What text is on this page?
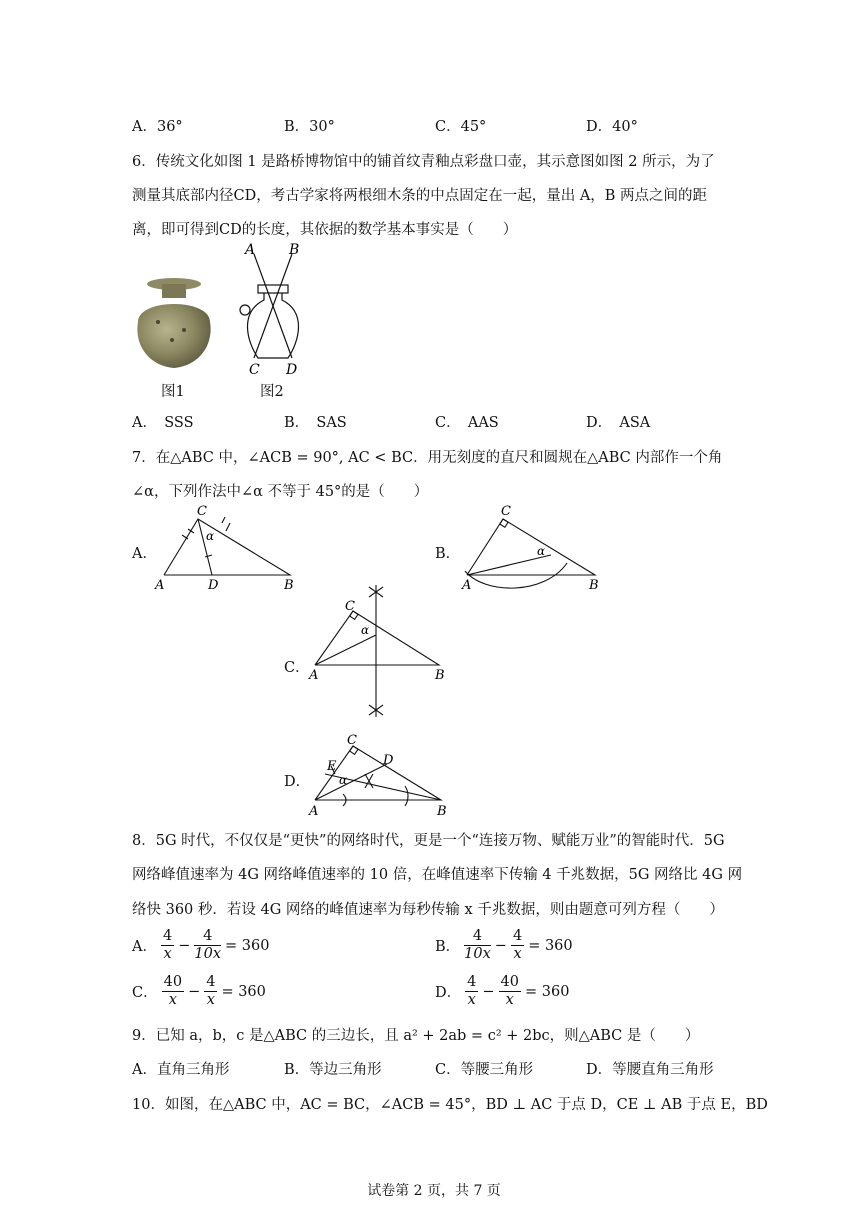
A．36°	B．30°	C．45°	D．40°
6．传统文化如图 1 是路桥博物馆中的铺首纹青釉点彩盘口壶，其示意图如图 2 所示，为了
测量其底部内径CD，考古学家将两根细木条的中点固定在一起，量出 A，B 两点之间的距
离，即可得到CD的长度，其依据的数学基本事实是（　　）
图1
A B
C D
图2
A．　SSS	B．　SAS	C．　AAS	D．　ASA
7．在△ABC 中，∠ACB = 90°, AC < BC．用无刻度的直尺和圆规在△ABC 内部作一个角
∠α，下列作法中∠α 不等于 45°的是（　　）
A．
C
α
A	D	B
B．
C
α
A	B
C．
C
α
A	B
D．
C
D
E
α
A	B
8．5G 时代，不仅仅是“更快”的网络时代，更是一个“连接万物、赋能万业”的智能时代．5G
网络峰值速率为 4G 网络峰值速率的 10 倍，在峰值速率下传输 4 千兆数据，5G 网络比 4G 网
络快 360 秒．若设 4G 网络的峰值速率为每秒传输 x 千兆数据，则由题意可列方程（　　）
A． $\frac{4}{x} - \frac{4}{10x} = 360$	B． $\frac{4}{10x} - \frac{4}{x} = 360$
C． $\frac{40}{x} - \frac{4}{x} = 360$	D． $\frac{4}{x} - \frac{40}{x} = 360$
9．已知 a，b，c 是△ABC 的三边长，且 a² + 2ab = c² + 2bc，则△ABC 是（　　）
A．直角三角形	B．等边三角形	C．等腰三角形	D．等腰直角三角形
10．如图，在△ABC 中，AC = BC，∠ACB = 45°，BD ⊥ AC 于点 D，CE ⊥ AB 于点 E，BD
试卷第 2 页，共 7 页
